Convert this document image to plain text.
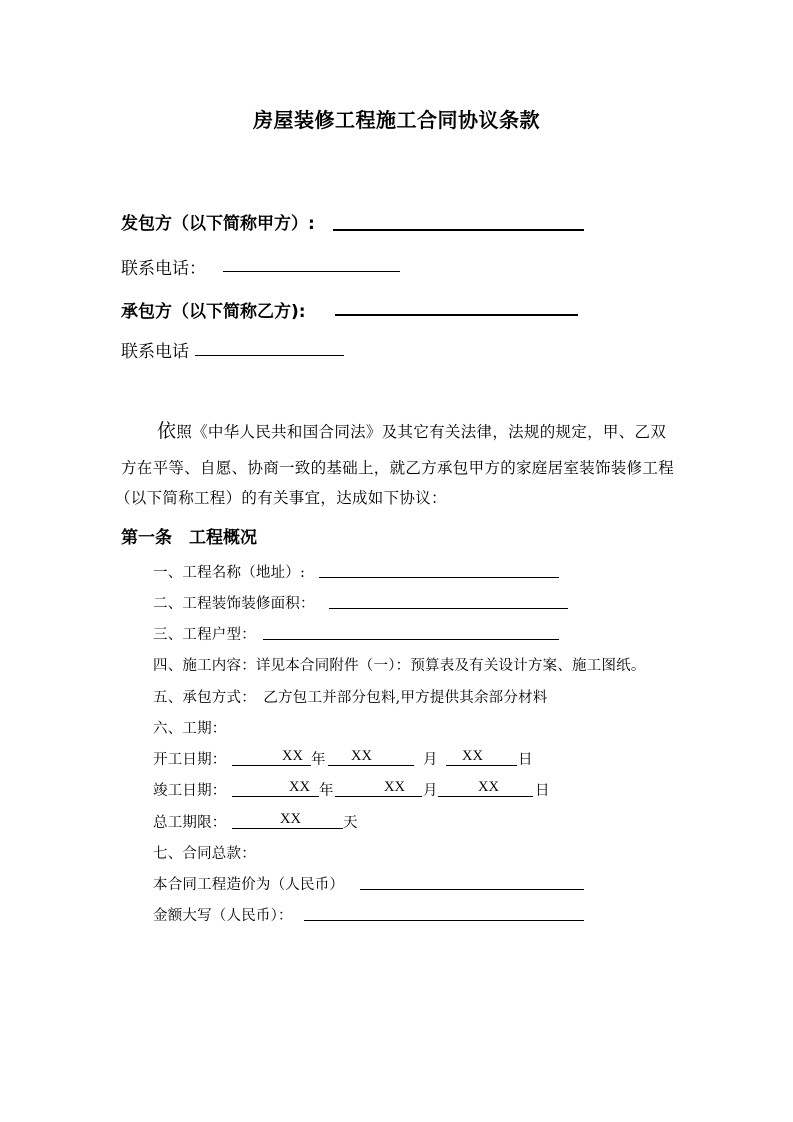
房屋装修工程施工合同协议条款
发包方（以下简称甲方）:
联系电话：
承包方（以下简称乙方):
联系电话
依照《中华人民共和国合同法》及其它有关法律，法规的规定，甲、乙双
方在平等、自愿、协商一致的基础上，就乙方承包甲方的家庭居室装饰装修工程
（以下简称工程）的有关事宜，达成如下协议：
第一条　工程概况
一、工程名称（地址）:
二、工程装饰装修面积：
三、工程户型：
四、施工内容：详见本合同附件（一）：预算表及有关设计方案、施工图纸。
五、承包方式：　乙方包工并部分包料,甲方提供其余部分材料
六、工期：
开工日期：	XX 年 XX	月 XX 日
竣工日期：	XX 年	XX 月	XX 日
总工期限：	XX	天
七、合同总款：
本合同工程造价为（人民币）
金额大写（人民币）：
